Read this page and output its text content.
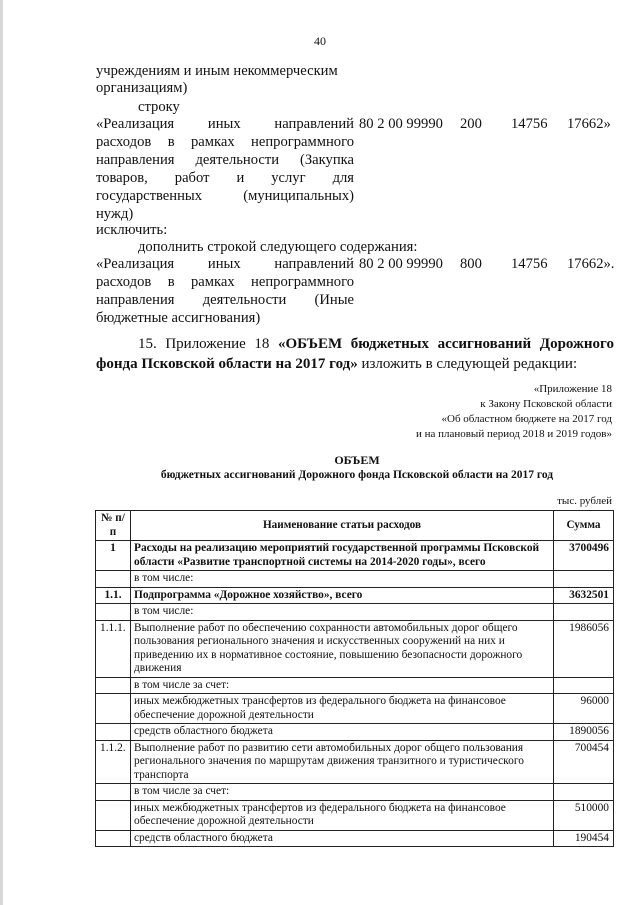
40
учреждениям и иным некоммерческим
организациям)
строку
«Реализация иных направлений
расходов в рамках непрограммного
направления деятельности (Закупка
товаров, работ и услуг для
государственных (муниципальных)
нужд)
80 2 00 99990 200 14756 17662»
исключить:
дополнить строкой следующего содержания:
«Реализация иных направлений
расходов в рамках непрограммного
направления деятельности (Иные
бюджетные ассигнования)
80 2 00 99990 800 14756 17662».
15. Приложение 18 «ОБЪЕМ бюджетных ассигнований Дорожного фонда Псковской области на 2017 год» изложить в следующей редакции:
«Приложение 18
к Закону Псковской области
«Об областном бюджете на 2017 год
и на плановый период 2018 и 2019 годов»
ОБЪЕМ
бюджетных ассигнований Дорожного фонда Псковской области на 2017 год
тыс. рублей
№ п/п	Наименование статьи расходов	Сумма
1	Расходы на реализацию мероприятий государственной программы Псковской области «Развитие транспортной системы на 2014-2020 годы», всего	3700496
	в том числе:	
1.1.	Подпрограмма «Дорожное хозяйство», всего	3632501
	в том числе:	
1.1.1.	Выполнение работ по обеспечению сохранности автомобильных дорог общего пользования регионального значения и искусственных сооружений на них и приведению их в нормативное состояние, повышению безопасности дорожного движения	1986056
	в том числе за счет:	
	иных межбюджетных трансфертов из федерального бюджета на финансовое обеспечение дорожной деятельности	96000
	средств областного бюджета	1890056
1.1.2.	Выполнение работ по развитию сети автомобильных дорог общего пользования регионального значения по маршрутам движения транзитного и туристического транспорта	700454
	в том числе за счет:	
	иных межбюджетных трансфертов из федерального бюджета на финансовое обеспечение дорожной деятельности	510000
	средств областного бюджета	190454
